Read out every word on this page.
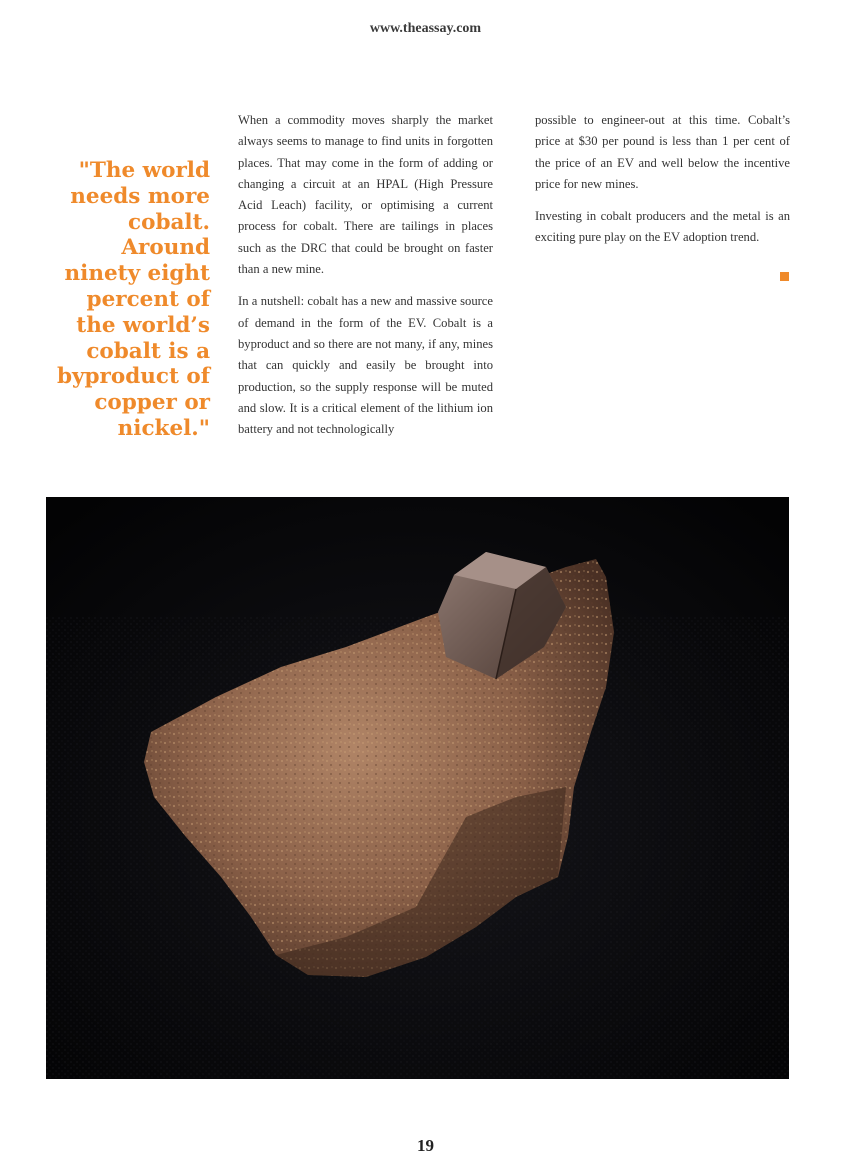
www.theassay.com
"The world needs more cobalt. Around ninety eight percent of the world’s cobalt is a byproduct of copper or nickel."

When a commodity moves sharply the market always seems to manage to find units in forgotten places. That may come in the form of adding or changing a circuit at an HPAL (High Pressure Acid Leach) facility, or optimising a current process for cobalt. There are tailings in places such as the DRC that could be brought on faster than a new mine.

In a nutshell: cobalt has a new and massive source of demand in the form of the EV. Cobalt is a byproduct and so there are not many, if any, mines that can quickly and easily be brought into production, so the supply response will be muted and slow. It is a critical element of the lithium ion battery and not technologically

possible to engineer-out at this time. Cobalt’s price at $30 per pound is less than 1 per cent of the price of an EV and well below the incentive price for new mines.

Investing in cobalt producers and the metal is an exciting pure play on the EV adoption trend.

19
